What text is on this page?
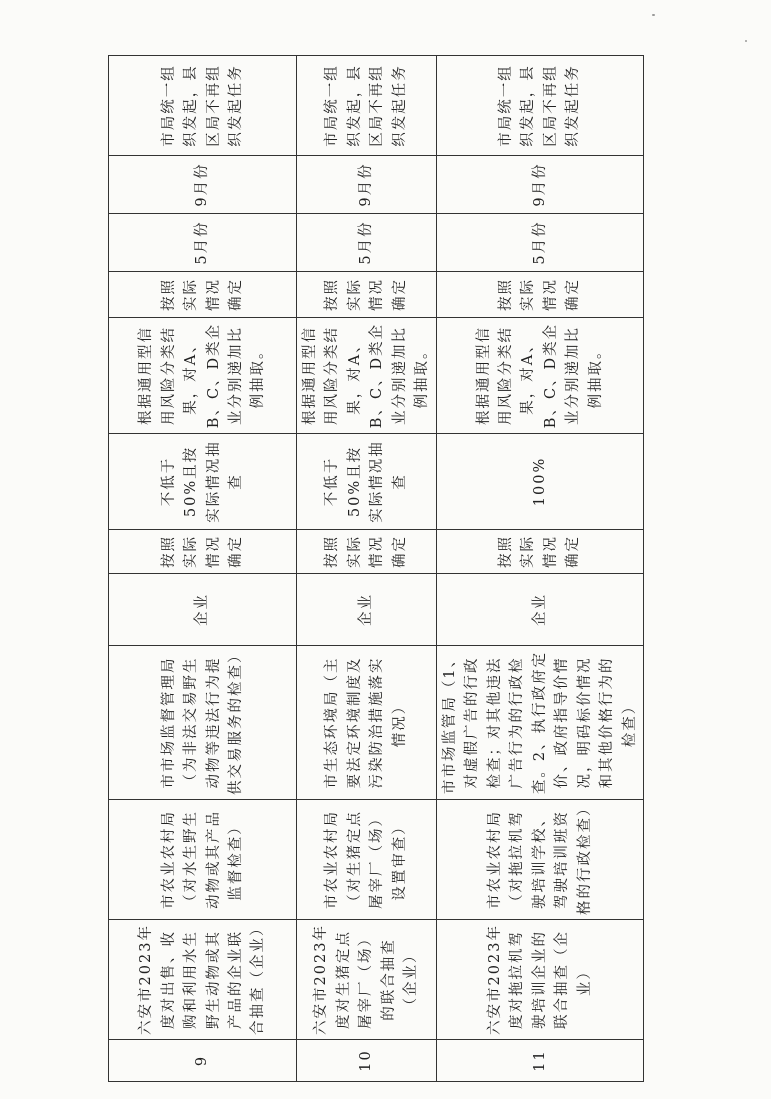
9	六安市2023年度对出售、收购和利用水生野生动物或其产品的企业联合抽查（企业）	市农业农村局（对水生野生动物或其产品监督检查）	市市场监督管理局（为非法交易野生动物等违法行为提供交易服务的检查）	企业	按照实际情况确定	不低于50%且按实际情况抽查	根据通用型信用风险分类结果，对A、B、C、D类企业分别递加比例抽取。	按照实际情况确定	5月份	9月份	市局统一组织发起，县区局不再组织发起任务
10	六安市2023年度对生猪定点屠宰厂（场）的联合抽查（企业）	市农业农村局（对生猪定点屠宰厂（场）设置审查）	市生态环境局（主要法定环境制度及污染防治措施落实情况）	企业	按照实际情况确定	不低于50%且按实际情况抽查	根据通用型信用风险分类结果，对A、B、C、D类企业分别递加比例抽取。	按照实际情况确定	5月份	9月份	市局统一组织发起，县区局不再组织发起任务
11	六安市2023年度对拖拉机驾驶培训企业的联合抽查（企业）	市农业农村局（对拖拉机驾驶培训学校、驾驶培训班资格的行政检查）	市市场监管局（1、对虚假广告的行政检查；对其他违法广告行为的行政检查。2、执行政府定价、政府指导价情况，明码标价情况和其他价格行为的检查）	企业	按照实际情况确定	100%	根据通用型信用风险分类结果，对A、B、C、D类企业分别递加比例抽取。	按照实际情况确定	5月份	9月份	市局统一组织发起，县区局不再组织发起任务
